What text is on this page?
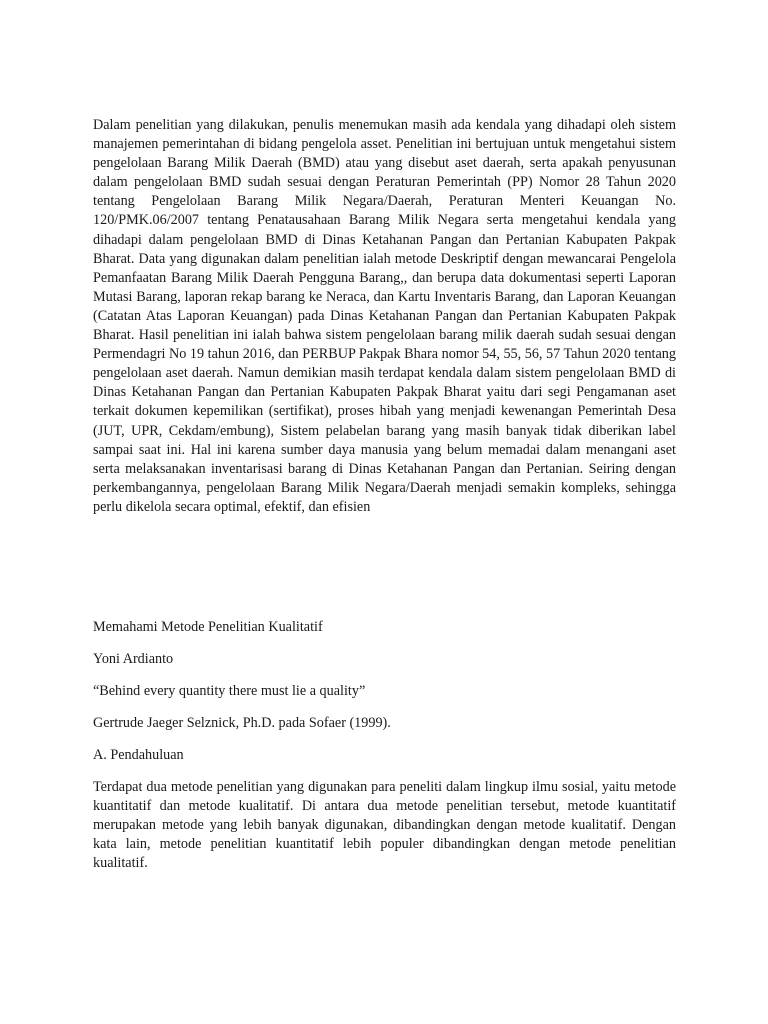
Dalam penelitian yang dilakukan, penulis menemukan masih ada kendala yang dihadapi oleh sistem manajemen pemerintahan di bidang pengelola asset. Penelitian ini bertujuan untuk mengetahui sistem pengelolaan Barang Milik Daerah (BMD) atau yang disebut aset daerah, serta apakah penyusunan dalam pengelolaan BMD sudah sesuai dengan Peraturan Pemerintah (PP) Nomor 28 Tahun 2020 tentang Pengelolaan Barang Milik Negara/Daerah, Peraturan Menteri Keuangan No. 120/PMK.06/2007 tentang Penatausahaan Barang Milik Negara serta mengetahui kendala yang dihadapi dalam pengelolaan BMD di Dinas Ketahanan Pangan dan Pertanian Kabupaten Pakpak Bharat. Data yang digunakan dalam penelitian ialah metode Deskriptif dengan mewancarai Pengelola Pemanfaatan Barang Milik Daerah Pengguna Barang,, dan berupa data dokumentasi seperti Laporan Mutasi Barang, laporan rekap barang ke Neraca, dan Kartu Inventaris Barang, dan Laporan Keuangan (Catatan Atas Laporan Keuangan) pada Dinas Ketahanan Pangan dan Pertanian Kabupaten Pakpak Bharat. Hasil penelitian ini ialah bahwa sistem pengelolaan barang milik daerah sudah sesuai dengan Permendagri No 19 tahun 2016, dan PERBUP Pakpak Bhara nomor 54, 55, 56, 57 Tahun 2020 tentang pengelolaan aset daerah. Namun demikian masih terdapat kendala dalam sistem pengelolaan BMD di Dinas Ketahanan Pangan dan Pertanian Kabupaten Pakpak Bharat yaitu dari segi Pengamanan aset terkait dokumen kepemilikan (sertifikat), proses hibah yang menjadi kewenangan Pemerintah Desa (JUT, UPR, Cekdam/embung), Sistem pelabelan barang yang masih banyak tidak diberikan label sampai saat ini. Hal ini karena sumber daya manusia yang belum memadai dalam menangani aset serta melaksanakan inventarisasi barang di Dinas Ketahanan Pangan dan Pertanian. Seiring dengan perkembangannya, pengelolaan Barang Milik Negara/Daerah menjadi semakin kompleks, sehingga perlu dikelola secara optimal, efektif, dan efisien

Memahami Metode Penelitian Kualitatif

Yoni Ardianto

“Behind every quantity there must lie a quality”

Gertrude Jaeger Selznick, Ph.D. pada Sofaer (1999).

A. Pendahuluan

Terdapat dua metode penelitian yang digunakan para peneliti dalam lingkup ilmu sosial, yaitu metode kuantitatif dan metode kualitatif. Di antara dua metode penelitian tersebut, metode kuantitatif merupakan metode yang lebih banyak digunakan, dibandingkan dengan metode kualitatif. Dengan kata lain, metode penelitian kuantitatif lebih populer dibandingkan dengan metode penelitian kualitatif.
